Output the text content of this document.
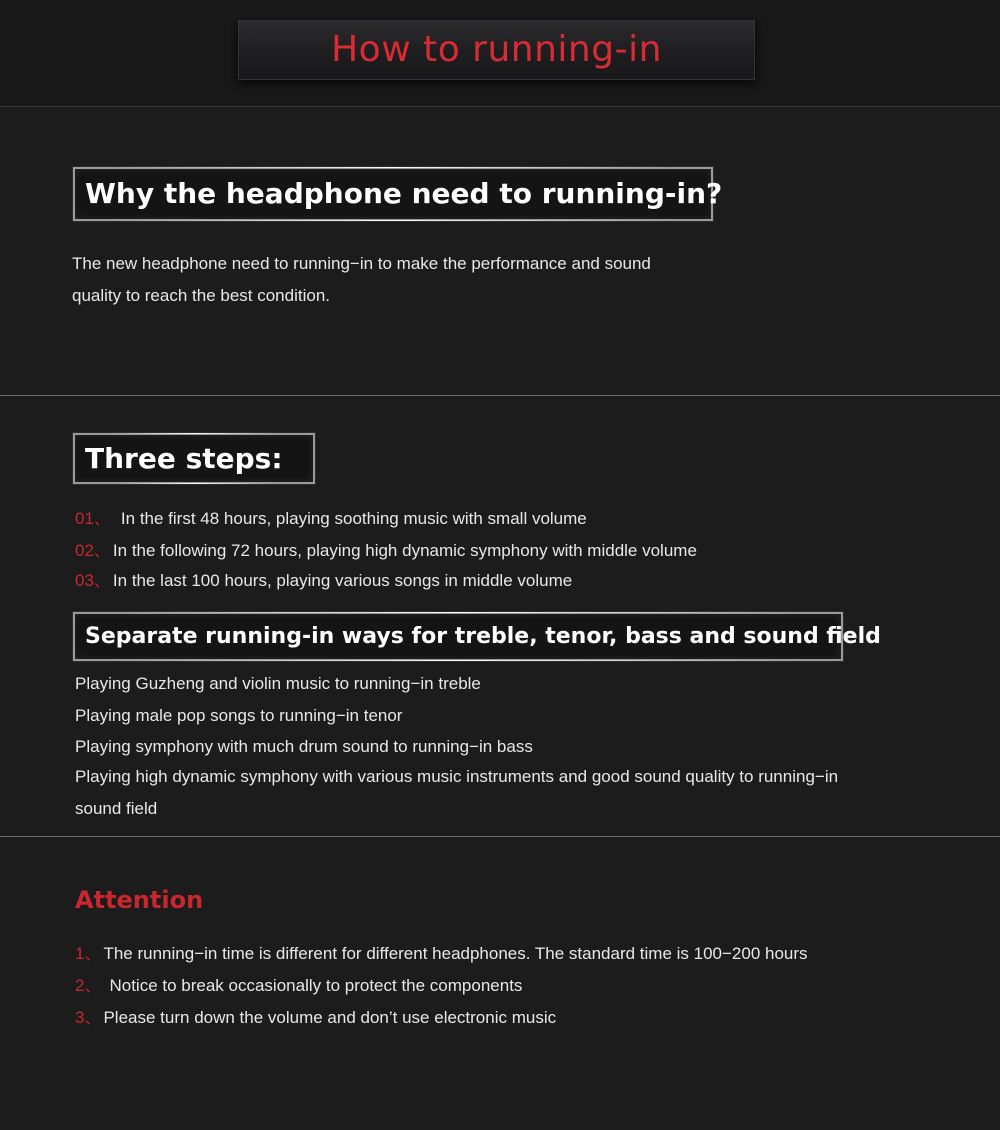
How to running-in
Why the headphone need to running-in?
The new headphone need to running−in to make the performance and sound
quality to reach the best condition.
Three steps:
01、 In the first 48 hours, playing soothing music with small volume
02、 In the following 72 hours, playing high dynamic symphony with middle volume
03、 In the last 100 hours, playing various songs in middle volume
Separate running-in ways for treble, tenor, bass and sound field
Playing Guzheng and violin music to running−in treble
Playing male pop songs to running−in tenor
Playing symphony with much drum sound to running−in bass
Playing high dynamic symphony with various music instruments and good sound quality to running−in
sound field
Attention
1、 The running−in time is different for different headphones. The standard time is 100−200 hours
2、 Notice to break occasionally to protect the components
3、 Please turn down the volume and don’t use electronic music
